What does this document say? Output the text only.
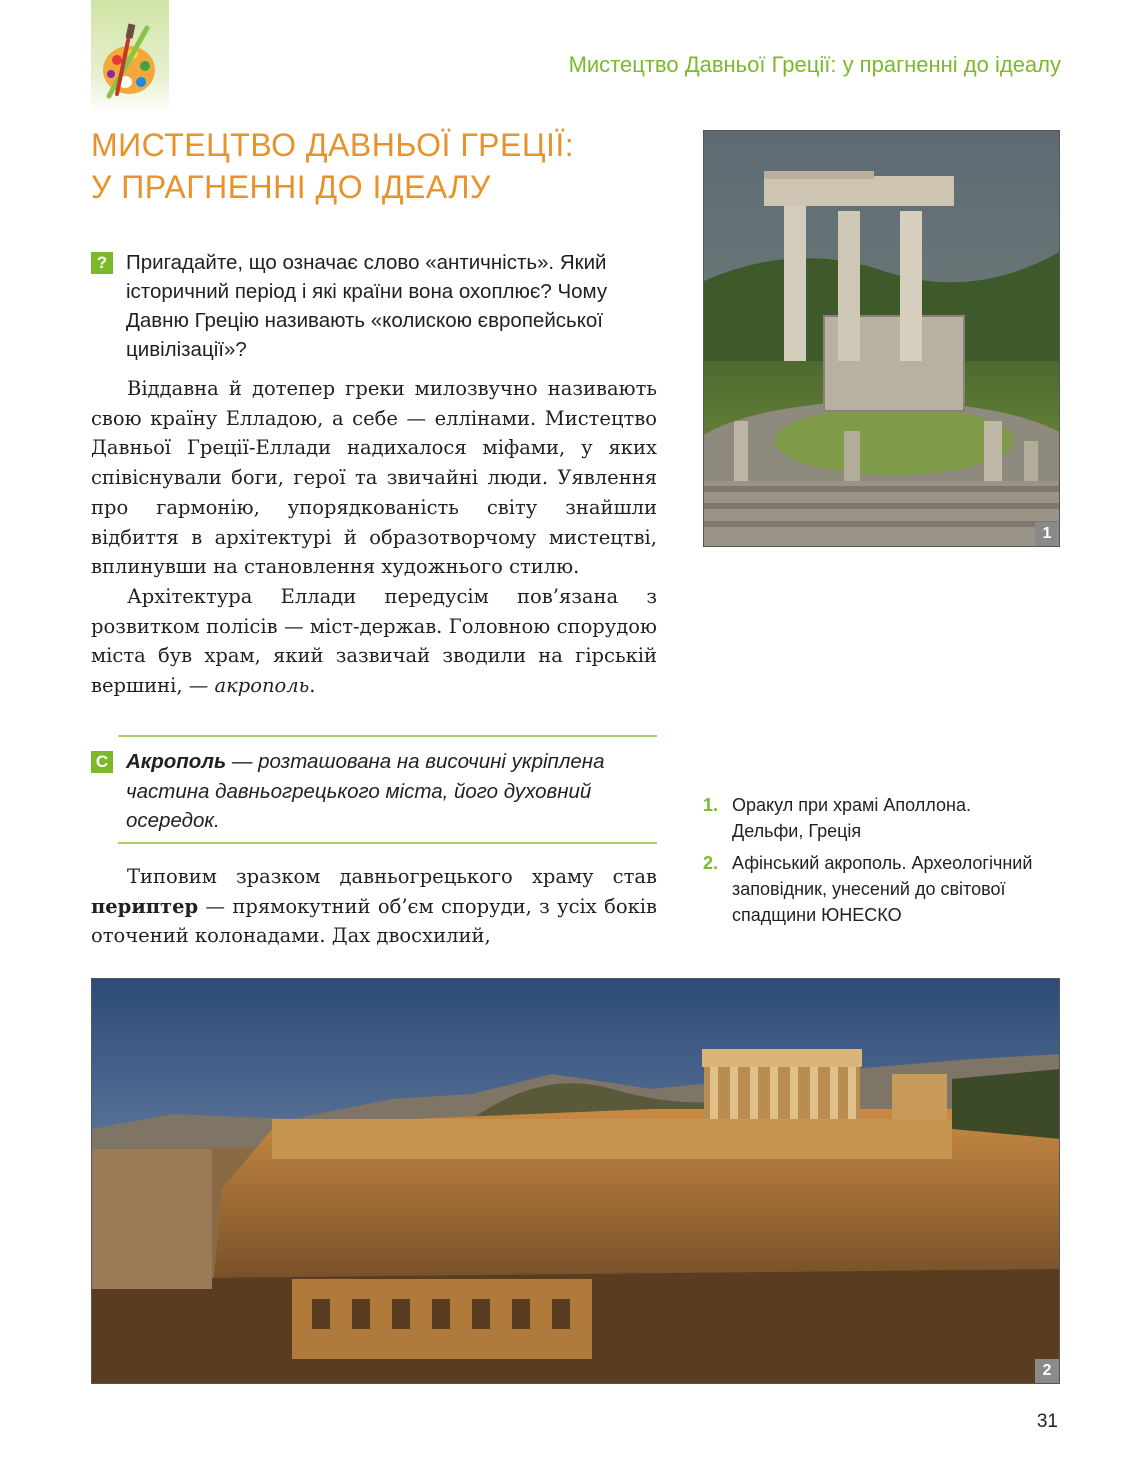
Мистецтво Давньої Греції: у прагненні до ідеалу
МИСТЕЦТВО ДАВНЬОЇ ГРЕЦІЇ:
У ПРАГНЕННІ ДО ІДЕАЛУ
? Пригадайте, що означає слово «античність». Який історичний період і які країни вона охоплює? Чому Давню Грецію називають «колискою європейської цивілізації»?

Віддавна й дотепер греки милозвучно називають свою країну Елладою, а себе — еллінами. Мистецтво Давньої Греції-Еллади надихалося міфами, у яких співіснували боги, герої та звичайні люди. Уявлення про гармонію, упорядкованість світу знайшли відбиття в архітектурі й образотворчому мистецтві, вплинувши на становлення художнього стилю.

Архітектура Еллади передусім пов’язана з розвитком полісів — міст-держав. Головною спорудою міста був храм, який зазвичай зводили на гірській вершині, — акрополь.

С Акрополь — розташована на височині укріплена частина давньогрецького міста, його духовний осередок.

Типовим зразком давньогрецького храму став периптер — прямокутний об’єм споруди, з усіх боків оточений колонадами. Дах двосхилий,

1
1. Оракул при храмі Аполлона. Дельфи, Греція
2. Афінський акрополь. Археологічний заповідник, унесений до світової спадщини ЮНЕСКО
2
31
